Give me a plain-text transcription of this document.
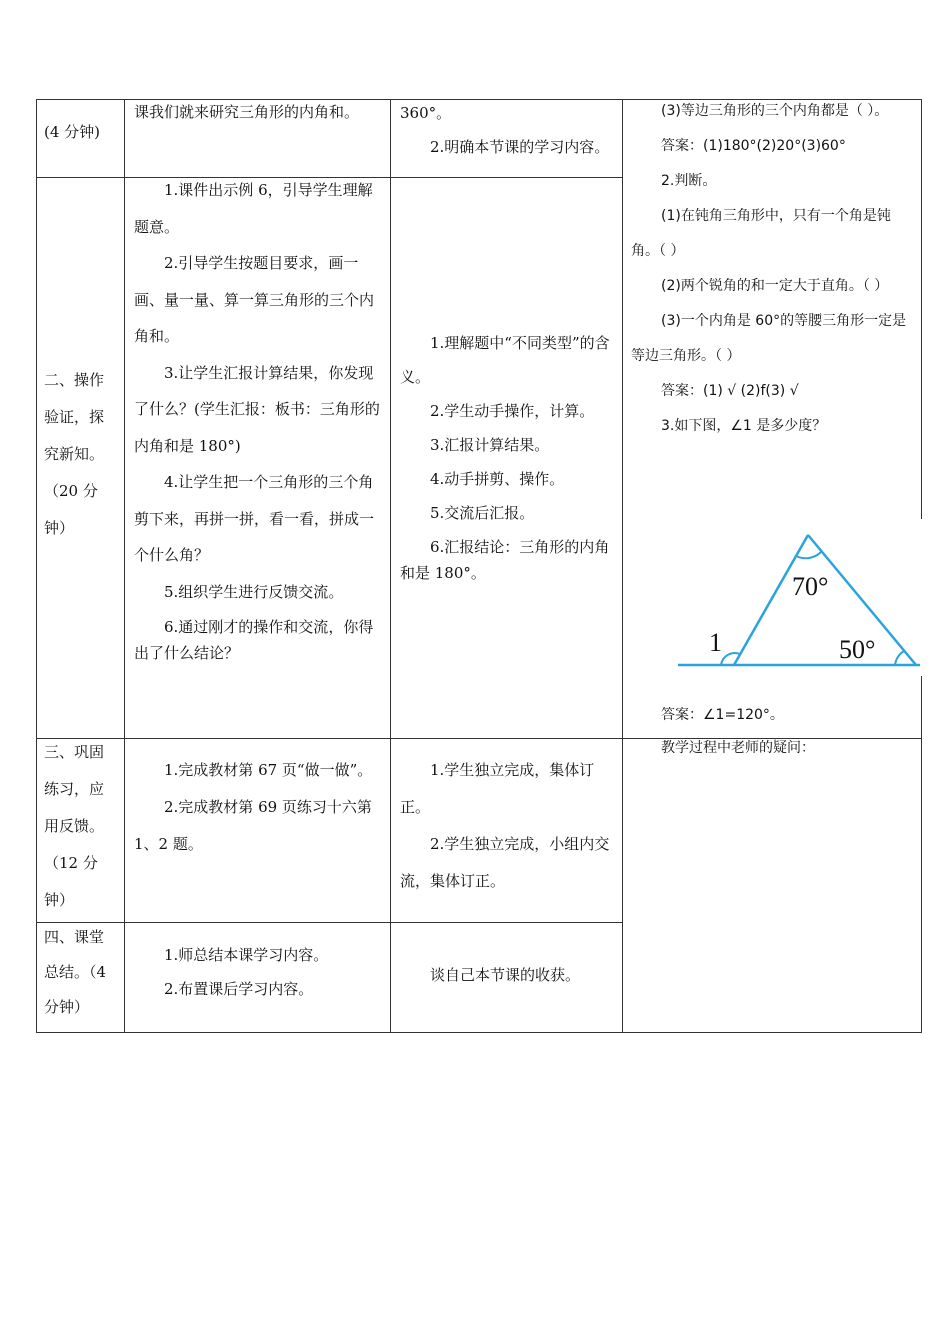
(4 分钟)

课我们就来研究三角形的内角和。	360°。

2.明确本节课的学习内容。

二、操作

验证，探

究新知。

（20 分

钟）

1.课件出示例 6，引导学生理解题意。

2.引导学生按题目要求，画一画、量一量、算一算三角形的三个内角和。

3.让学生汇报计算结果，你发现了什么？(学生汇报：板书：三角形的内角和是 180°)

4.让学生把一个三角形的三个角剪下来，再拼一拼，看一看，拼成一个什么角？

5.组织学生进行反馈交流。

6.通过刚才的操作和交流，你得出了什么结论？

1.理解题中“不同类型”的含义。

2.学生动手操作，计算。

3.汇报计算结果。

4.动手拼剪、操作。

5.交流后汇报。

6.汇报结论：三角形的内角和是 180°。

三、巩固

练习，应

用反馈。

（12 分

钟）

1.完成教材第 67 页“做一做”。

2.完成教材第 69 页练习十六第 1、2 题。

1.学生独立完成，集体订正。

2.学生独立完成，小组内交流，集体订正。

四、课堂

总结。（4

分钟）

1.师总结本课学习内容。

2.布置课后学习内容。

谈自己本节课的收获。

(3)等边三角形的三个内角都是（ ）。

答案：(1)180°(2)20°(3)60°

2.判断。

(1)在钝角三角形中，只有一个角是钝角。（ ）

(2)两个锐角的和一定大于直角。（ ）

(3)一个内角是 60°的等腰三角形一定是等边三角形。（ ）

答案：(1) √ (2)f(3) √

3.如下图，∠1 是多少度？

70°
50°
1

答案：∠1=120°。

教学过程中老师的疑问：
